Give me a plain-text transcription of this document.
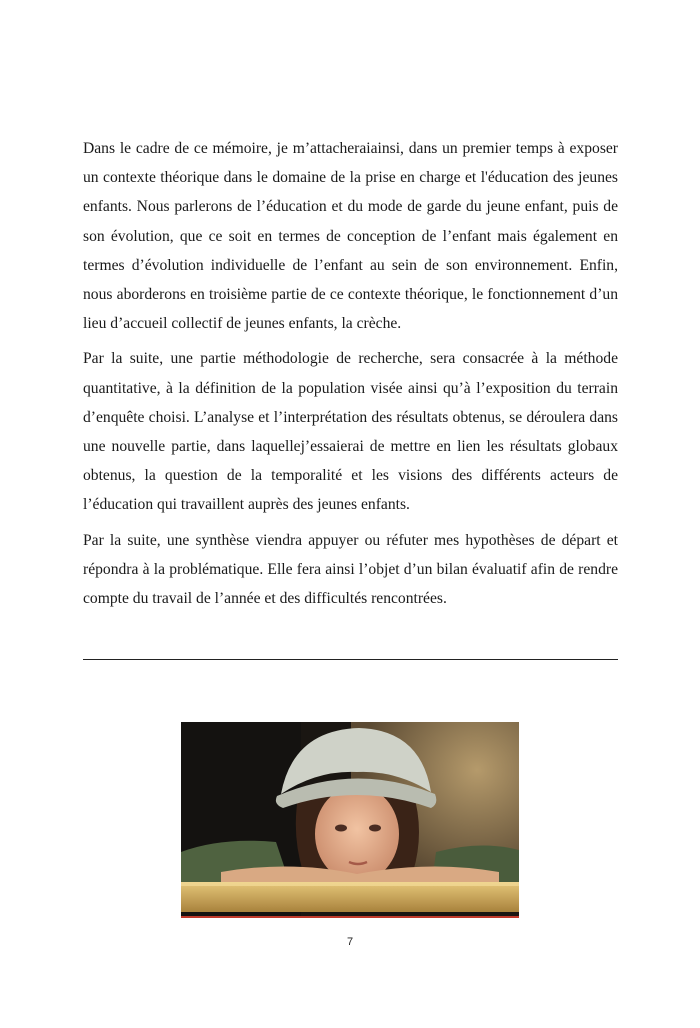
Dans le cadre de ce mémoire, je m’attacheraiainsi, dans un premier temps à exposer un contexte théorique dans le domaine de la prise en charge et l'éducation des jeunes enfants. Nous parlerons de l’éducation et du mode de garde du jeune enfant, puis de son évolution, que ce soit en termes de conception de l’enfant mais également en termes d’évolution individuelle de l’enfant au sein de son environnement. Enfin, nous aborderons en troisième partie de ce contexte théorique, le fonctionnement d’un lieu d’accueil collectif de jeunes enfants, la crèche.

Par la suite, une partie méthodologie de recherche, sera consacrée à la méthode quantitative, à la définition de la population visée ainsi qu’à l’exposition du terrain d’enquête choisi. L’analyse et l’interprétation des résultats obtenus, se déroulera dans une nouvelle partie, dans laquellej’essaierai de mettre en lien les résultats globaux obtenus, la question de la temporalité et les visions des différents acteurs de l’éducation qui travaillent auprès des jeunes enfants.

Par la suite, une synthèse viendra appuyer ou réfuter mes hypothèses de départ et répondra à la problématique. Elle fera ainsi l’objet d’un bilan évaluatif afin de rendre compte du travail de l’année et des difficultés rencontrées.

7
